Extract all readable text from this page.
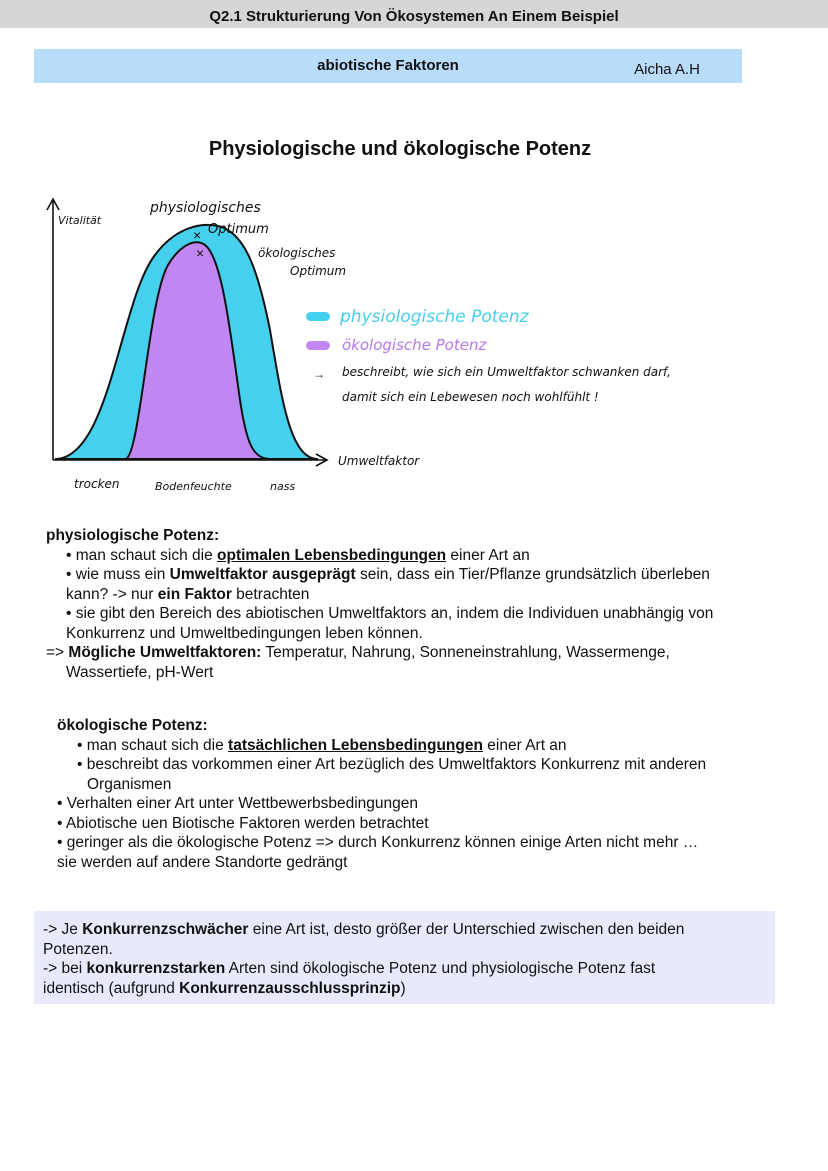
Q2.1 Strukturierung Von Ökosystemen An Einem Beispiel
abiotische Faktoren	Aicha A.H
Physiologische und ökologische Potenz
×
×
Vitalität
physiologisches
Optimum
ökologisches
Optimum
Umweltfaktor
trocken	Bodenfeuchte	nass
physiologische Potenz
ökologische Potenz
→ beschreibt, wie sich ein Umweltfaktor schwanken darf,
damit sich ein Lebewesen noch wohlfühlt !

physiologische Potenz:

• man schaut sich die optimalen Lebensbedingungen einer Art an

• wie muss ein Umweltfaktor ausgeprägt sein, dass ein Tier/Pflanze grundsätzlich überleben

kann? -> nur ein Faktor betrachten

• sie gibt den Bereich des abiotischen Umweltfaktors an, indem die Individuen unabhängig von

Konkurrenz und Umweltbedingungen leben können.

=> Mögliche Umweltfaktoren: Temperatur, Nahrung, Sonneneinstrahlung, Wassermenge,

Wassertiefe, pH-Wert

ökologische Potenz:

• man schaut sich die tatsächlichen Lebensbedingungen einer Art an

• beschreibt das vorkommen einer Art bezüglich des Umweltfaktors Konkurrenz mit anderen

Organismen

• Verhalten einer Art unter Wettbewerbsbedingungen

• Abiotische uen Biotische Faktoren werden betrachtet

• geringer als die ökologische Potenz => durch Konkurrenz können einige Arten nicht mehr …

sie werden auf andere Standorte gedrängt

-> Je Konkurrenzschwächer eine Art ist, desto größer der Unterschied zwischen den beiden

Potenzen.

-> bei konkurrenzstarken Arten sind ökologische Potenz und physiologische Potenz fast

identisch (aufgrund Konkurrenzausschlussprinzip)
